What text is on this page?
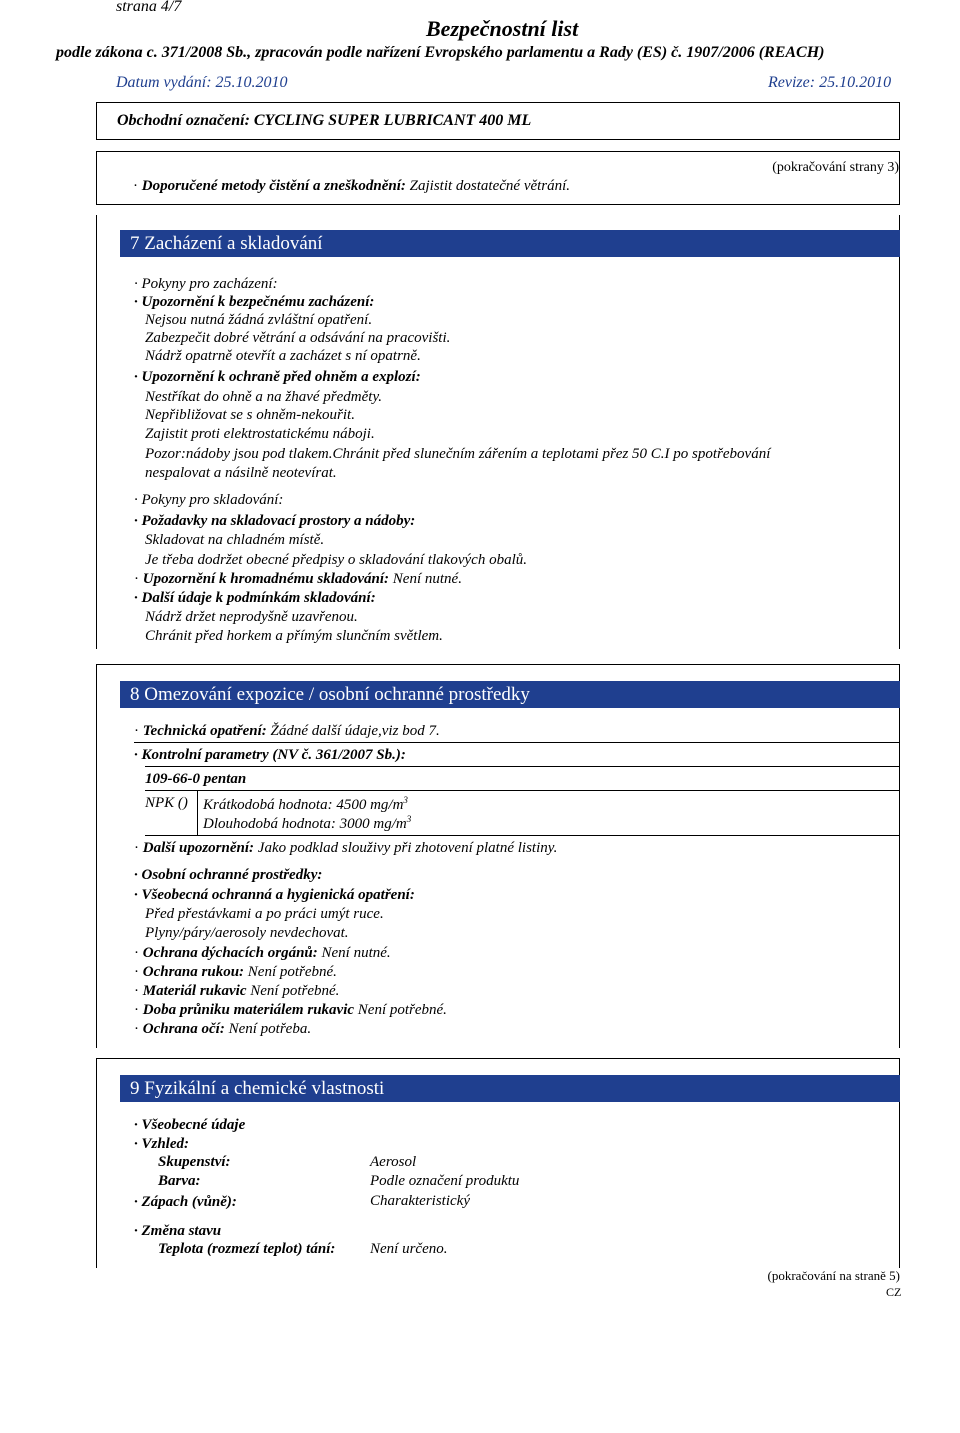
strana 4/7
Bezpečnostní list
podle zákona c. 371/2008 Sb., zpracován podle nařízení Evropského parlamentu a Rady (ES) č. 1907/2006 (REACH)
Datum vydání: 25.10.2010	Revize: 25.10.2010
Obchodní označení: CYCLING SUPER LUBRICANT 400 ML
(pokračování strany 3)
· Doporučené metody čistění a zneškodnění: Zajistit dostatečné větrání.
7 Zacházení a skladování
· Pokyny pro zacházení:
· Upozornění k bezpečnému zacházení:
Nejsou nutná žádná zvláštní opatření.
Zabezpečit dobré větrání a odsávání na pracovišti.
Nádrž opatrně otevřít a zacházet s ní opatrně.
· Upozornění k ochraně před ohněm a explozí:
Nestříkat do ohně a na žhavé předměty.
Nepřibližovat se s ohněm-nekouřit.
Zajistit proti elektrostatickému náboji.
Pozor:nádoby jsou pod tlakem.Chránit před slunečním zářením a teplotami přez 50 C.I po spotřebování
nespalovat a násilně neotevírat.
· Pokyny pro skladování:
· Požadavky na skladovací prostory a nádoby:
Skladovat na chladném místě.
Je třeba dodržet obecné předpisy o skladování tlakových obalů.
· Upozornění k hromadnému skladování: Není nutné.
· Další údaje k podmínkám skladování:
Nádrž držet neprodyšně uzavřenou.
Chránit před horkem a přímým slunčním světlem.
8 Omezování expozice / osobní ochranné prostředky
· Technická opatření: Žádné další údaje,viz bod 7.
· Kontrolní parametry (NV č. 361/2007 Sb.):
109-66-0 pentan
NPK () Krátkodobá hodnota: 4500 $mg/m^3$
Dlouhodobá hodnota: 3000 $mg/m^3$
· Další upozornění: Jako podklad slouživy při zhotovení platné listiny.
· Osobní ochranné prostředky:
· Všeobecná ochranná a hygienická opatření:
Před přestávkami a po práci umýt ruce.
Plyny/páry/aerosoly nevdechovat.
· Ochrana dýchacích orgánů: Není nutné.
· Ochrana rukou: Není potřebné.
· Materiál rukavic Není potřebné.
· Doba průniku materiálem rukavic Není potřebné.
· Ochrana očí: Není potřeba.
9 Fyzikální a chemické vlastnosti
· Všeobecné údaje
· Vzhled:
Skupenství:	Aerosol
Barva:	Podle označení produktu
· Zápach (vůně):	Charakteristický
· Změna stavu
Teplota (rozmezí teplot) tání: Není určeno.
(pokračování na straně 5)
CZ
